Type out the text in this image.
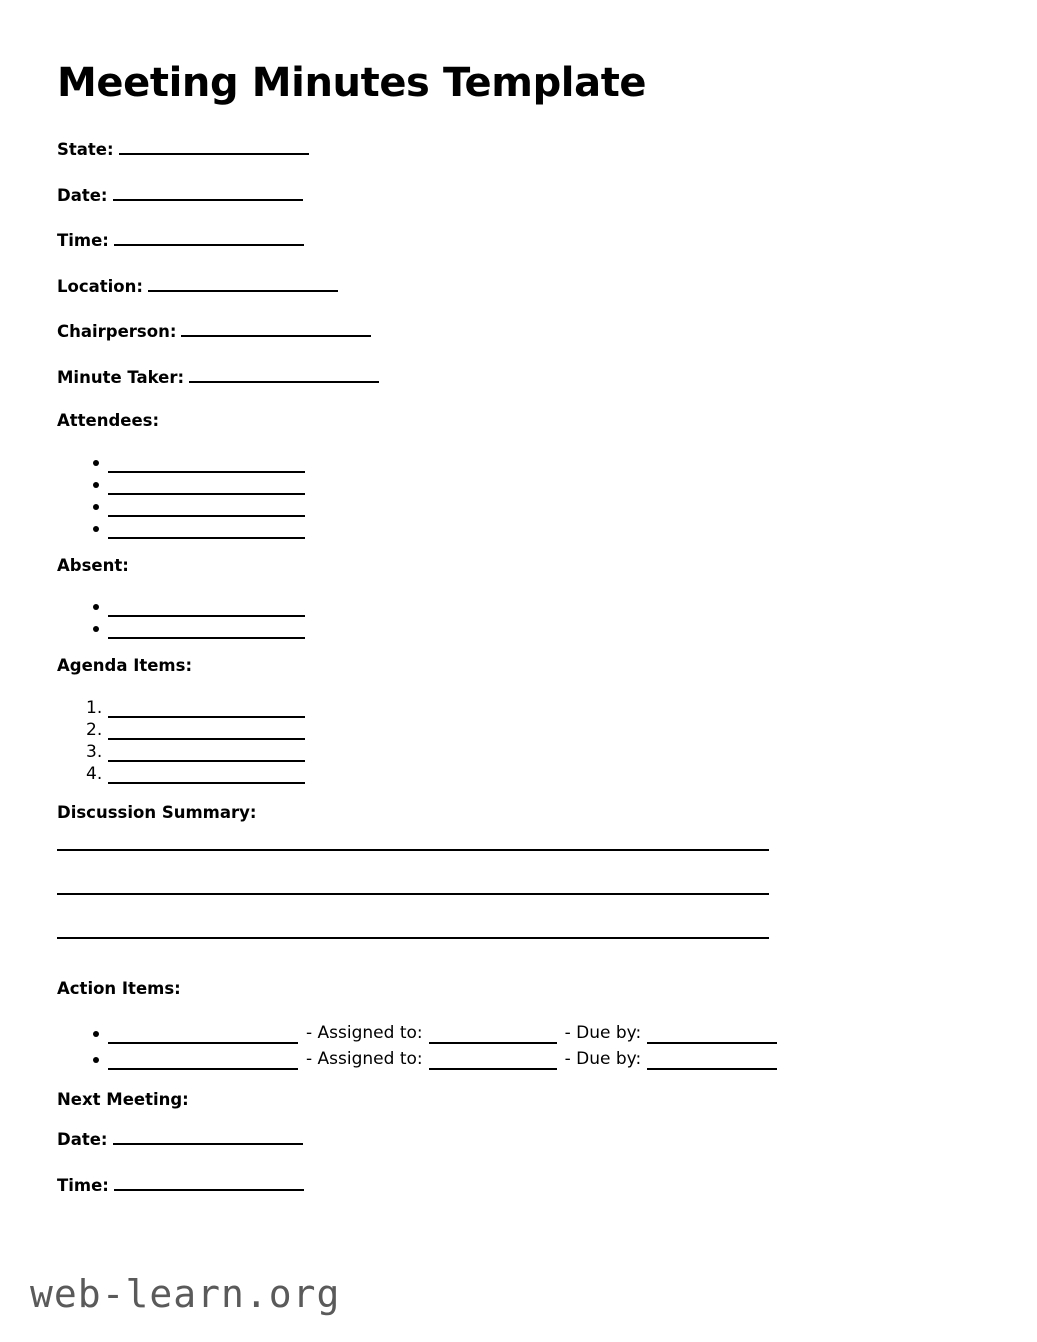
Meeting Minutes Template
State:
Date:
Time:
Location:
Chairperson:
Minute Taker:
Attendees:
Absent:
Agenda Items:
1.
2.
3.
4.
Discussion Summary:
Action Items:
- Assigned to:	- Due by:
- Assigned to:	- Due by:
Next Meeting:
Date:
Time:
web-learn.org
